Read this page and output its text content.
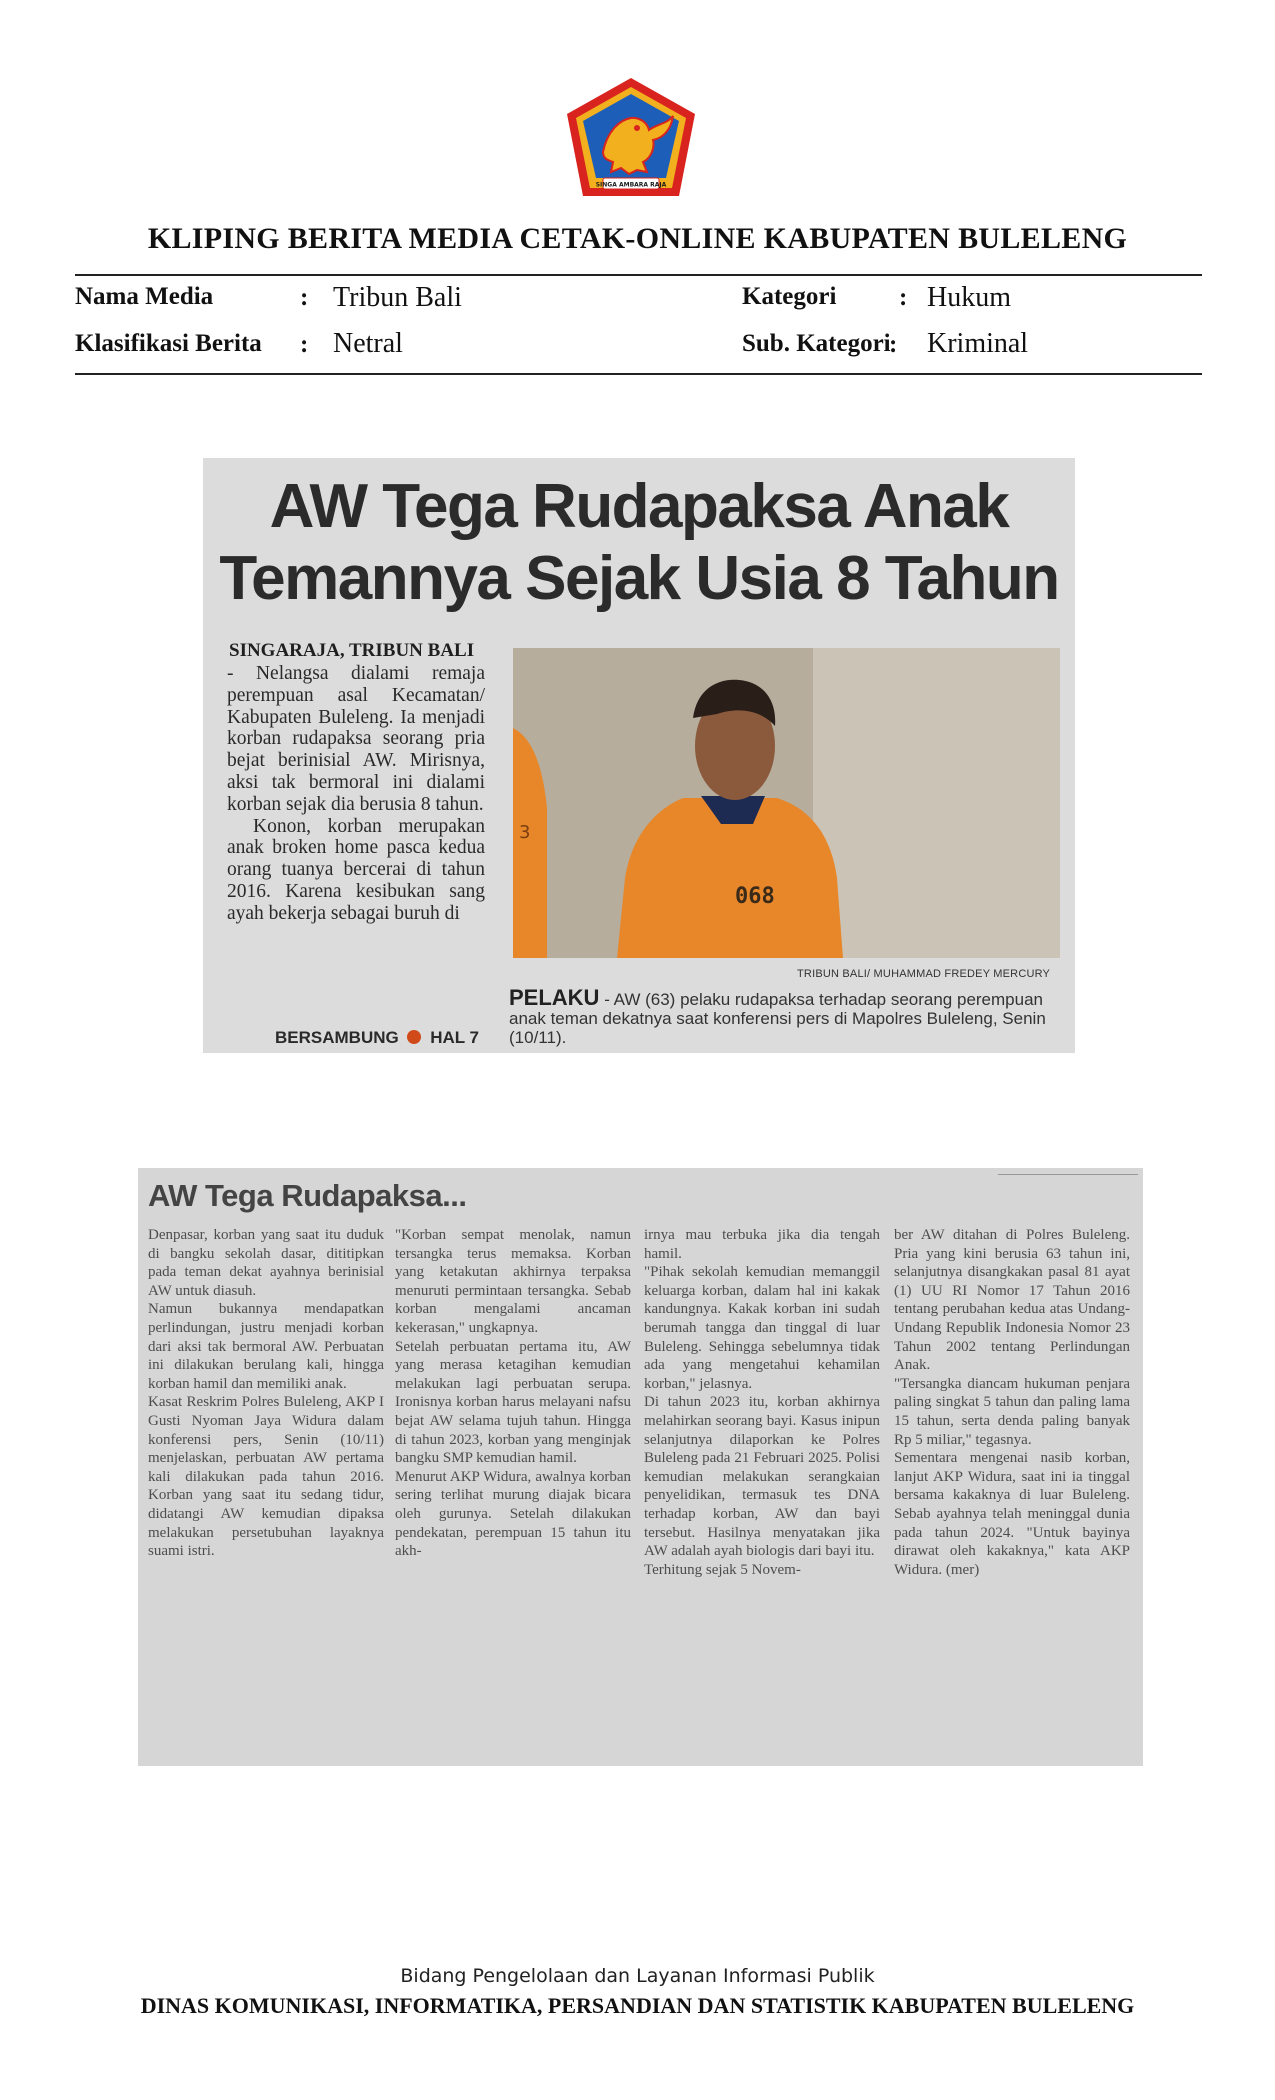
SINGA AMBARA RAJA
KLIPING BERITA MEDIA CETAK-ONLINE KABUPATEN BULELENG
Nama Media	: Tribun Bali
Klasifikasi Berita : Netral
Kategori	: Hukum
Sub. Kategori
: Kriminal
AW Tega Rudapaksa Anak
Temannya Sejak Usia 8 Tahun
SINGARAJA, TRIBUN BALI

- Nelangsa dialami remaja perempuan asal Kecamatan/ Kabupaten Buleleng. Ia menjadi korban rudapaksa seorang pria bejat berinisial AW. Mirisnya, aksi tak bermoral ini dialami korban sejak dia berusia 8 tahun.

Konon, korban merupakan anak broken home pasca kedua orang tuanya bercerai di tahun 2016. Karena kesibukan sang ayah bekerja sebagai buruh di

BERSAMBUNG HAL 7
3
068
TRIBUN BALI/ MUHAMMAD FREDEY MERCURY
PELAKU - AW (63) pelaku rudapaksa terhadap seorang perempuan anak teman dekatnya saat konferensi pers di Mapolres Buleleng, Senin (10/11).
AW Tega Rudapaksa...
Denpasar, korban yang saat itu duduk di bangku sekolah dasar, dititipkan pada teman dekat ayahnya berinisial AW untuk diasuh.
Namun bukannya mendapatkan perlindungan, justru menjadi korban dari aksi tak bermoral AW. Perbuatan ini dilakukan berulang kali, hingga korban hamil dan memiliki anak.
Kasat Reskrim Polres Buleleng, AKP I Gusti Nyoman Jaya Widura dalam konferensi pers, Senin (10/11) menjelaskan, perbuatan AW pertama kali dilakukan pada tahun 2016. Korban yang saat itu sedang tidur, didatangi AW kemudian dipaksa melakukan persetubuhan layaknya suami istri.
"Korban sempat menolak, namun tersangka terus memaksa. Korban yang ketakutan akhirnya terpaksa menuruti permintaan tersangka. Sebab korban mengalami ancaman kekerasan," ungkapnya.
Setelah perbuatan pertama itu, AW yang merasa ketagihan kemudian melakukan lagi perbuatan serupa. Ironisnya korban harus melayani nafsu bejat AW selama tujuh tahun. Hingga di tahun 2023, korban yang menginjak bangku SMP kemudian hamil.
Menurut AKP Widura, awalnya korban sering terlihat murung diajak bicara oleh gurunya. Setelah dilakukan pendekatan, perempuan 15 tahun itu akh-
irnya mau terbuka jika dia tengah hamil.
"Pihak sekolah kemudian memanggil keluarga korban, dalam hal ini kakak kandungnya. Kakak korban ini sudah berumah tangga dan tinggal di luar Buleleng. Sehingga sebelumnya tidak ada yang mengetahui kehamilan korban," jelasnya.
Di tahun 2023 itu, korban akhirnya melahirkan seorang bayi. Kasus inipun selanjutnya dilaporkan ke Polres Buleleng pada 21 Februari 2025. Polisi kemudian melakukan serangkaian penyelidikan, termasuk tes DNA terhadap korban, AW dan bayi tersebut. Hasilnya menyatakan jika AW adalah ayah biologis dari bayi itu.
Terhitung sejak 5 Novem-
ber AW ditahan di Polres Buleleng. Pria yang kini berusia 63 tahun ini, selanjutnya disangkakan pasal 81 ayat (1) UU RI Nomor 17 Tahun 2016 tentang perubahan kedua atas Undang-Undang Republik Indonesia Nomor 23 Tahun 2002 tentang Perlindungan Anak.
"Tersangka diancam hukuman penjara paling singkat 5 tahun dan paling lama 15 tahun, serta denda paling banyak Rp 5 miliar," tegasnya.
Sementara mengenai nasib korban, lanjut AKP Widura, saat ini ia tinggal bersama kakaknya di luar Buleleng. Sebab ayahnya telah meninggal dunia pada tahun 2024. "Untuk bayinya dirawat oleh kakaknya," kata AKP Widura. (mer)
Bidang Pengelolaan dan Layanan Informasi Publik
DINAS KOMUNIKASI, INFORMATIKA, PERSANDIAN DAN STATISTIK KABUPATEN BULELENG
